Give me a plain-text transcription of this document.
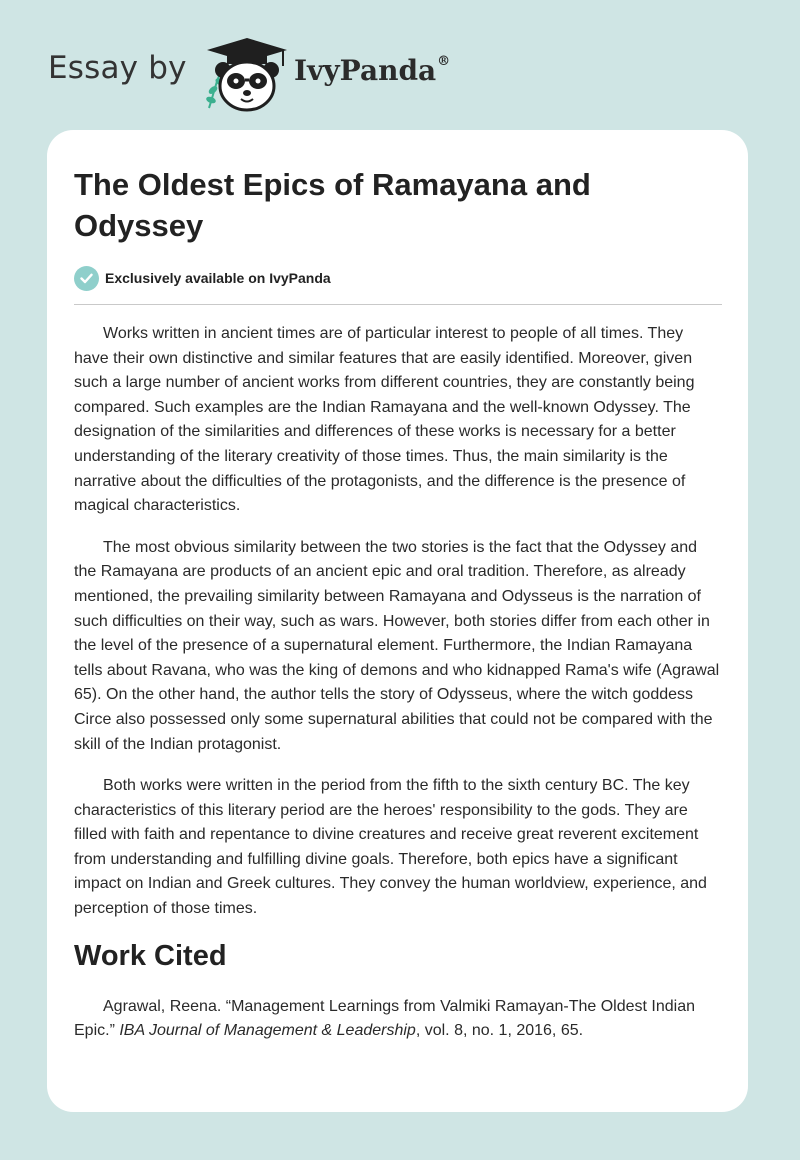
Essay by	IvyPanda®
The Oldest Epics of Ramayana and Odyssey
Exclusively available on IvyPanda

Works written in ancient times are of particular interest to people of all times. They have their own distinctive and similar features that are easily identified. Moreover, given such a large number of ancient works from different countries, they are constantly being compared. Such examples are the Indian Ramayana and the well-known Odyssey. The designation of the similarities and differences of these works is necessary for a better understanding of the literary creativity of those times. Thus, the main similarity is the narrative about the difficulties of the protagonists, and the difference is the presence of magical characteristics.

The most obvious similarity between the two stories is the fact that the Odyssey and the Ramayana are products of an ancient epic and oral tradition. Therefore, as already mentioned, the prevailing similarity between Ramayana and Odysseus is the narration of such difficulties on their way, such as wars. However, both stories differ from each other in the level of the presence of a supernatural element. Furthermore, the Indian Ramayana tells about Ravana, who was the king of demons and who kidnapped Rama's wife (Agrawal 65). On the other hand, the author tells the story of Odysseus, where the witch goddess Circe also possessed only some supernatural abilities that could not be compared with the skill of the Indian protagonist.

Both works were written in the period from the fifth to the sixth century BC. The key characteristics of this literary period are the heroes' responsibility to the gods. They are filled with faith and repentance to divine creatures and receive great reverent excitement from understanding and fulfilling divine goals. Therefore, both epics have a significant impact on Indian and Greek cultures. They convey the human worldview, experience, and perception of those times.

Work Cited

Agrawal, Reena. “Management Learnings from Valmiki Ramayan-The Oldest Indian Epic.” IBA Journal of Management & Leadership, vol. 8, no. 1, 2016, 65.
